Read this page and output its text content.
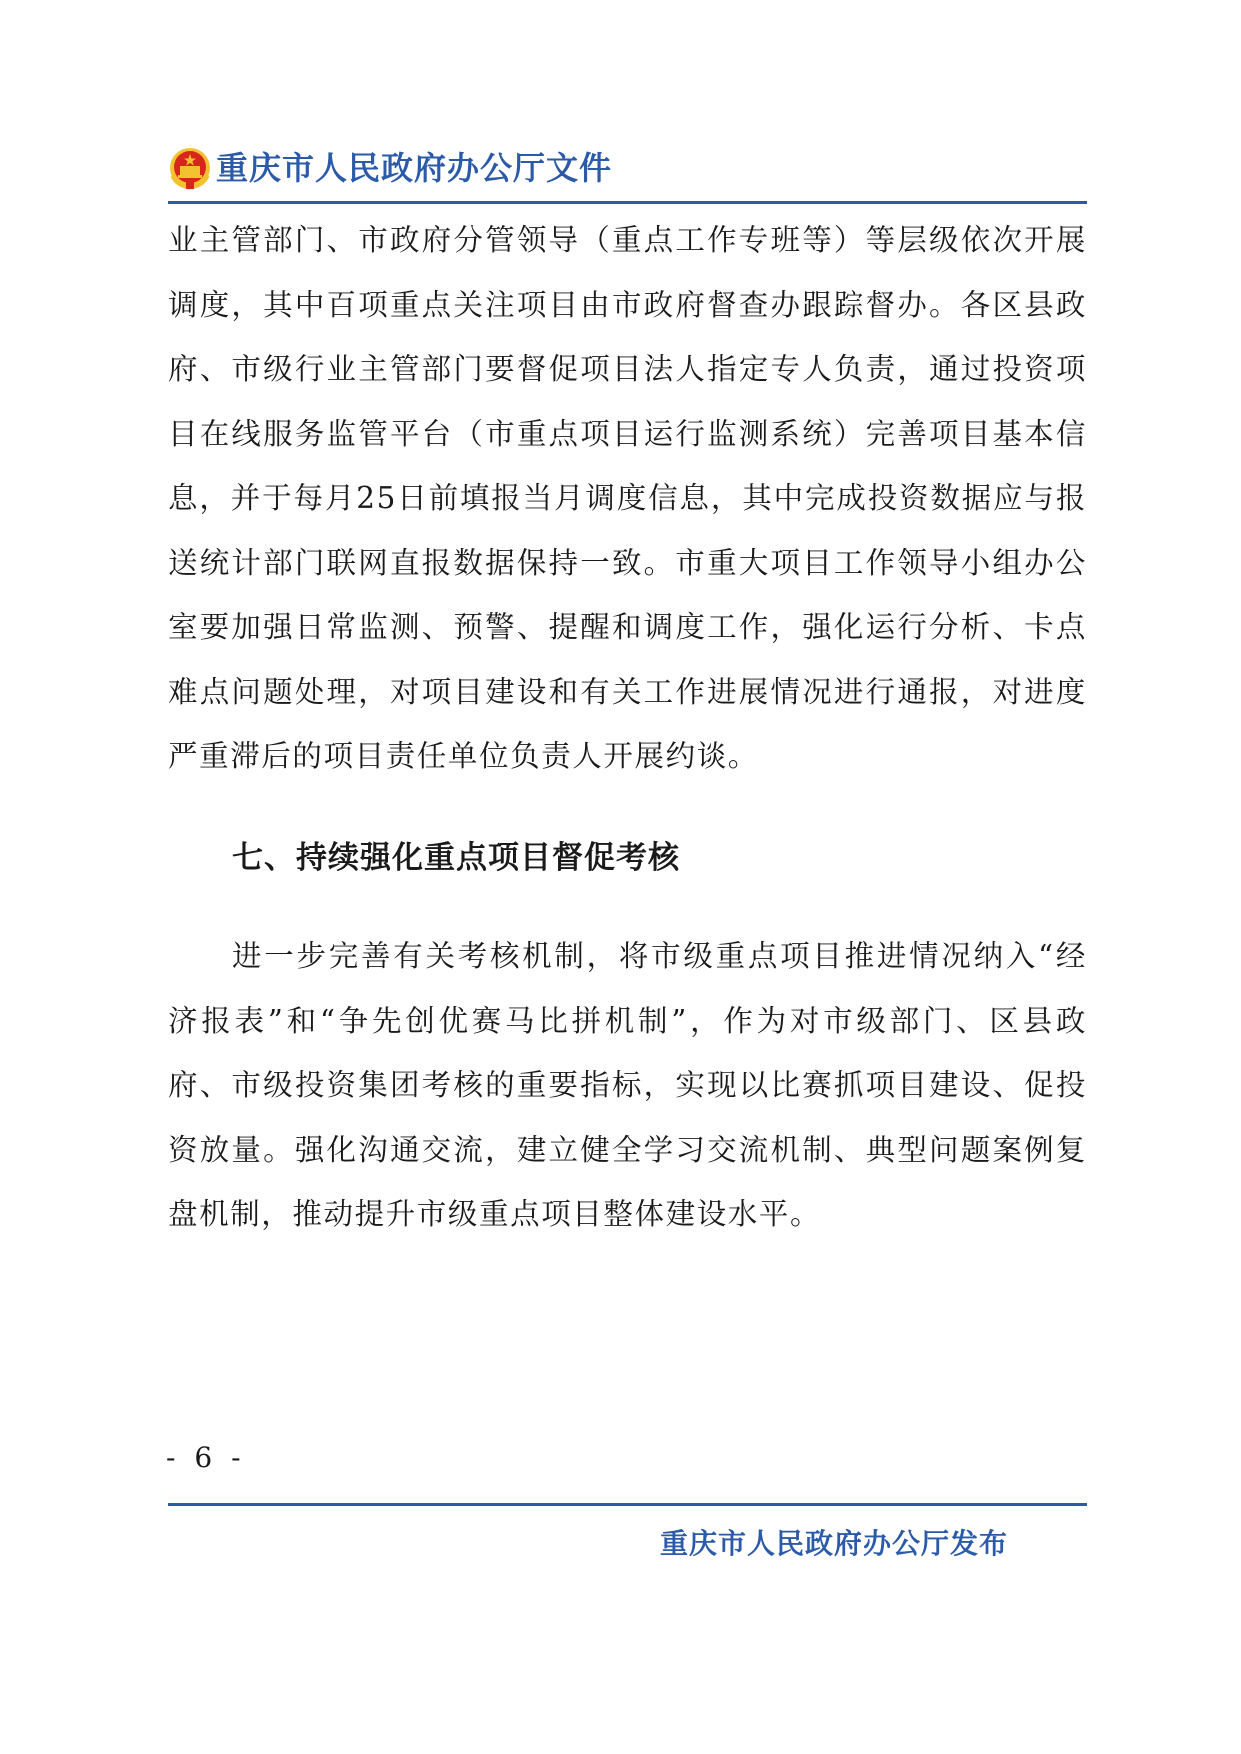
重庆市人民政府办公厅文件

业主管部门、市政府分管领导（重点工作专班等）等层级依次开展调度，其中百项重点关注项目由市政府督查办跟踪督办。各区县政府、市级行业主管部门要督促项目法人指定专人负责，通过投资项目在线服务监管平台（市重点项目运行监测系统）完善项目基本信息，并于每月25日前填报当月调度信息，其中完成投资数据应与报送统计部门联网直报数据保持一致。市重大项目工作领导小组办公室要加强日常监测、预警、提醒和调度工作，强化运行分析、卡点难点问题处理，对项目建设和有关工作进展情况进行通报，对进度严重滞后的项目责任单位负责人开展约谈。

七、持续强化重点项目督促考核

进一步完善有关考核机制，将市级重点项目推进情况纳入“经济报表”和“争先创优赛马比拼机制”，作为对市级部门、区县政府、市级投资集团考核的重要指标，实现以比赛抓项目建设、促投资放量。强化沟通交流，建立健全学习交流机制、典型问题案例复盘机制，推动提升市级重点项目整体建设水平。

- 6 -
重庆市人民政府办公厅发布
